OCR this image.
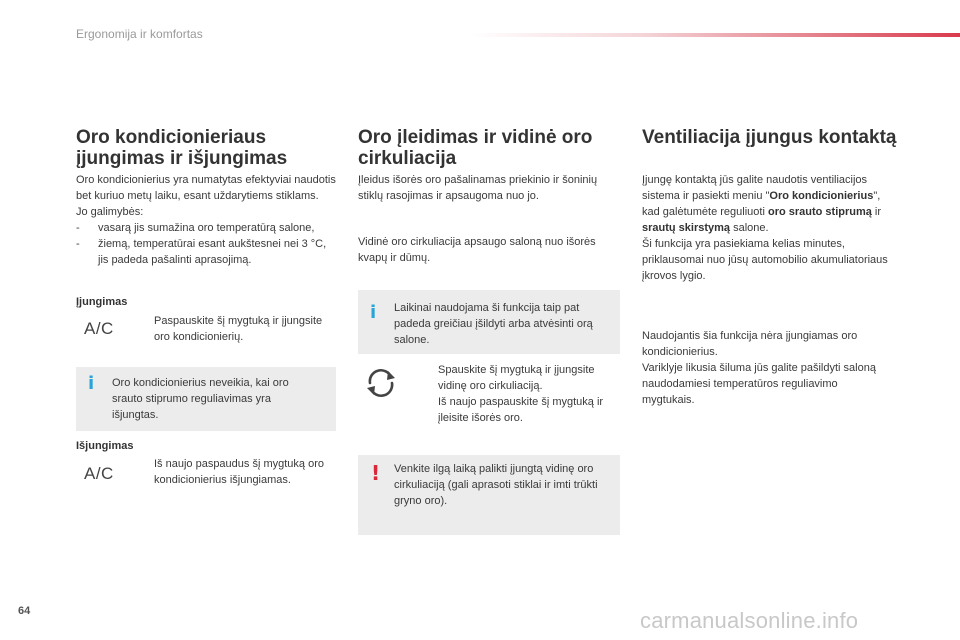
Ergonomija ir komfortas
Oro kondicionieriaus įjungimas ir išjungimas
Oro kondicionierius yra numatytas efektyviai naudotis bet kuriuo metų laiku, esant uždarytiems stiklams.
Jo galimybės:
- vasarą jis sumažina oro temperatūrą salone,
- žiemą, temperatūrai esant aukštesnei nei 3 °C, jis padeda pašalinti aprasojimą.
Įjungimas
A/C	Paspauskite šį mygtuką ir įjungsite oro kondicionierių.
i Oro kondicionierius neveikia, kai oro srauto stiprumo reguliavimas yra išjungtas.
Išjungimas
A/C	Iš naujo paspaudus šį mygtuką oro kondicionierius išjungiamas.
Oro įleidimas ir vidinė oro cirkuliacija
Įleidus išorės oro pašalinamas priekinio ir šoninių stiklų rasojimas ir apsaugoma nuo jo.
Vidinė oro cirkuliacija apsaugo saloną nuo išorės kvapų ir dūmų.
i Laikinai naudojama ši funkcija taip pat padeda greičiau įšildyti arba atvėsinti orą salone.
Spauskite šį mygtuką ir įjungsite vidinę oro cirkuliaciją.
Iš naujo paspauskite šį mygtuką ir įleisite išorės oro.
! Venkite ilgą laiką palikti įjungtą vidinę oro cirkuliaciją (gali aprasoti stiklai ir imti trūkti gryno oro).
Ventiliacija įjungus kontaktą
Įjungę kontaktą jūs galite naudotis ventiliacijos sistema ir pasiekti meniu "Oro kondicionierius", kad galėtumėte reguliuoti oro srauto stiprumą ir srautų skirstymą salone.
Ši funkcija yra pasiekiama kelias minutes, priklausomai nuo jūsų automobilio akumuliatoriaus įkrovos lygio.
Naudojantis šia funkcija nėra įjungiamas oro kondicionierius.
Variklyje likusia šiluma jūs galite pašildyti saloną naudodamiesi temperatūros reguliavimo mygtukais.
64	carmanualsonline.info
